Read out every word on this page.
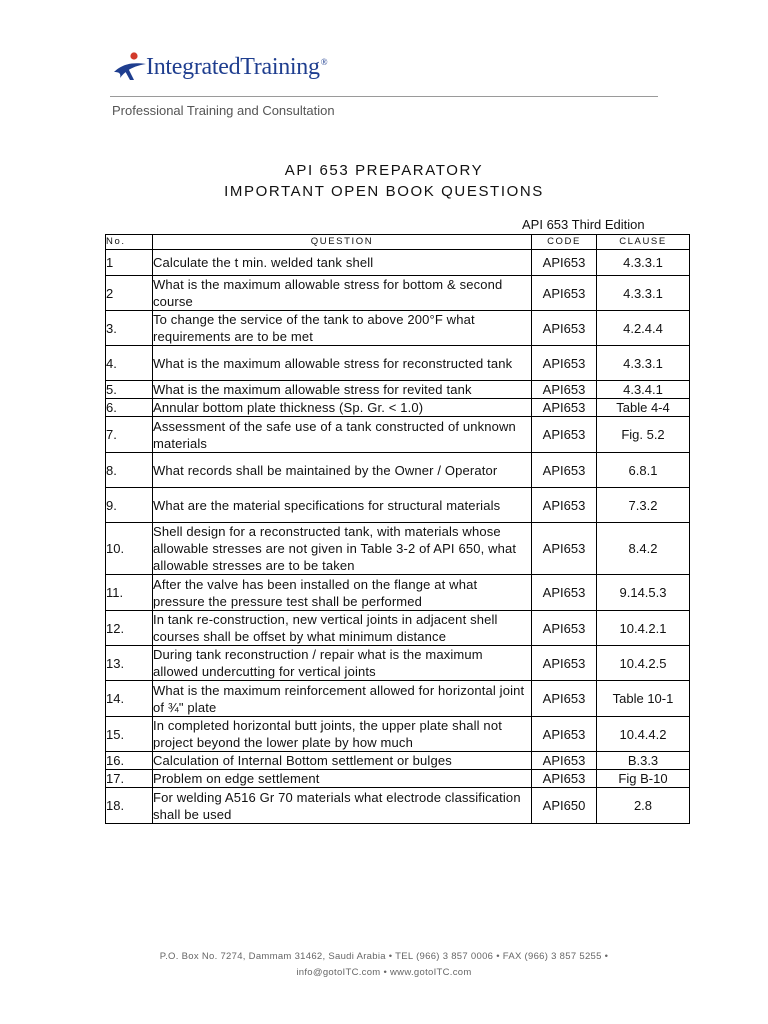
IntegratedTraining®
Professional Training and Consultation
API 653 PREPARATORY
IMPORTANT OPEN BOOK QUESTIONS
API 653 Third Edition
No.	QUESTION	CODE	CLAUSE
1	Calculate the t min. welded tank shell	API653	4.3.3.1
2	What is the maximum allowable stress for bottom & second course	API653	4.3.3.1
3.	To change the service of the tank to above 200°F what requirements are to be met	API653	4.2.4.4
4.	What is the maximum allowable stress for reconstructed tank	API653	4.3.3.1
5.	What is the maximum allowable stress for revited tank	API653	4.3.4.1
6.	Annular bottom plate thickness (Sp. Gr. < 1.0)	API653	Table 4-4
7.	Assessment of the safe use of a tank constructed of unknown materials	API653	Fig. 5.2
8.	What records shall be maintained by the Owner / Operator	API653	6.8.1
9.	What are the material specifications for structural materials	API653	7.3.2
10.	Shell design for a reconstructed tank, with materials whose allowable stresses are not given in Table 3-2 of API 650, what allowable stresses are to be taken	API653	8.4.2
11.	After the valve has been installed on the flange at what pressure the pressure test shall be performed	API653	9.14.5.3
12.	In tank re-construction, new vertical joints in adjacent shell courses shall be offset by what minimum distance	API653	10.4.2.1
13.	During tank reconstruction / repair what is the maximum allowed undercutting for vertical joints	API653	10.4.2.5
14.	What is the maximum reinforcement allowed for horizontal joint of ¾" plate	API653	Table 10-1
15.	In completed horizontal butt joints, the upper plate shall not project beyond the lower plate by how much	API653	10.4.4.2
16.	Calculation of Internal Bottom settlement or bulges	API653	B.3.3
17.	Problem on edge settlement	API653	Fig B-10
18.	For welding A516 Gr 70 materials what electrode classification shall be used	API650	2.8
P.O. Box No. 7274, Dammam 31462, Saudi Arabia • TEL (966) 3 857 0006 • FAX (966) 3 857 5255 •
info@gotoITC.com • www.gotoITC.com
